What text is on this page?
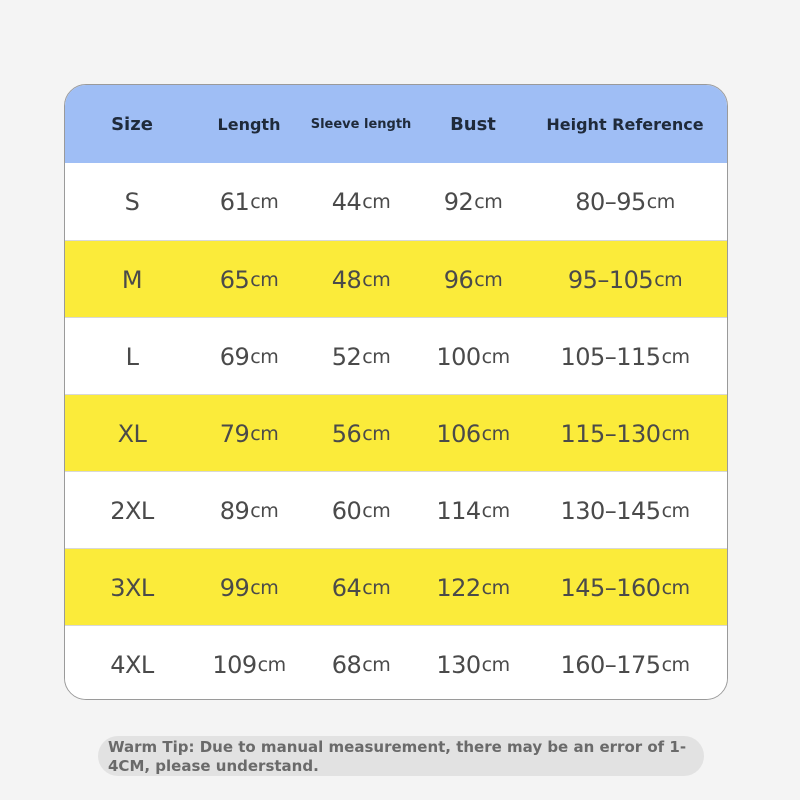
Size	Length	Sleeve length	Bust	Height Reference
S	61 cm 44 cm 92 cm	80–95 cm
M	65 cm 48 cm 96 cm	95–105 cm
L	69 cm 52 cm 100 cm 105–115 cm
XL	79 cm 56 cm 106 cm 115–130 cm
2XL	89 cm 60 cm 114 cm 130–145 cm
3XL	99 cm 64 cm 122 cm 145–160 cm
4XL 109 cm 68 cm 130 cm 160–175 cm
Warm Tip: Due to manual measurement, there may be an error of 1-4CM, please understand.
